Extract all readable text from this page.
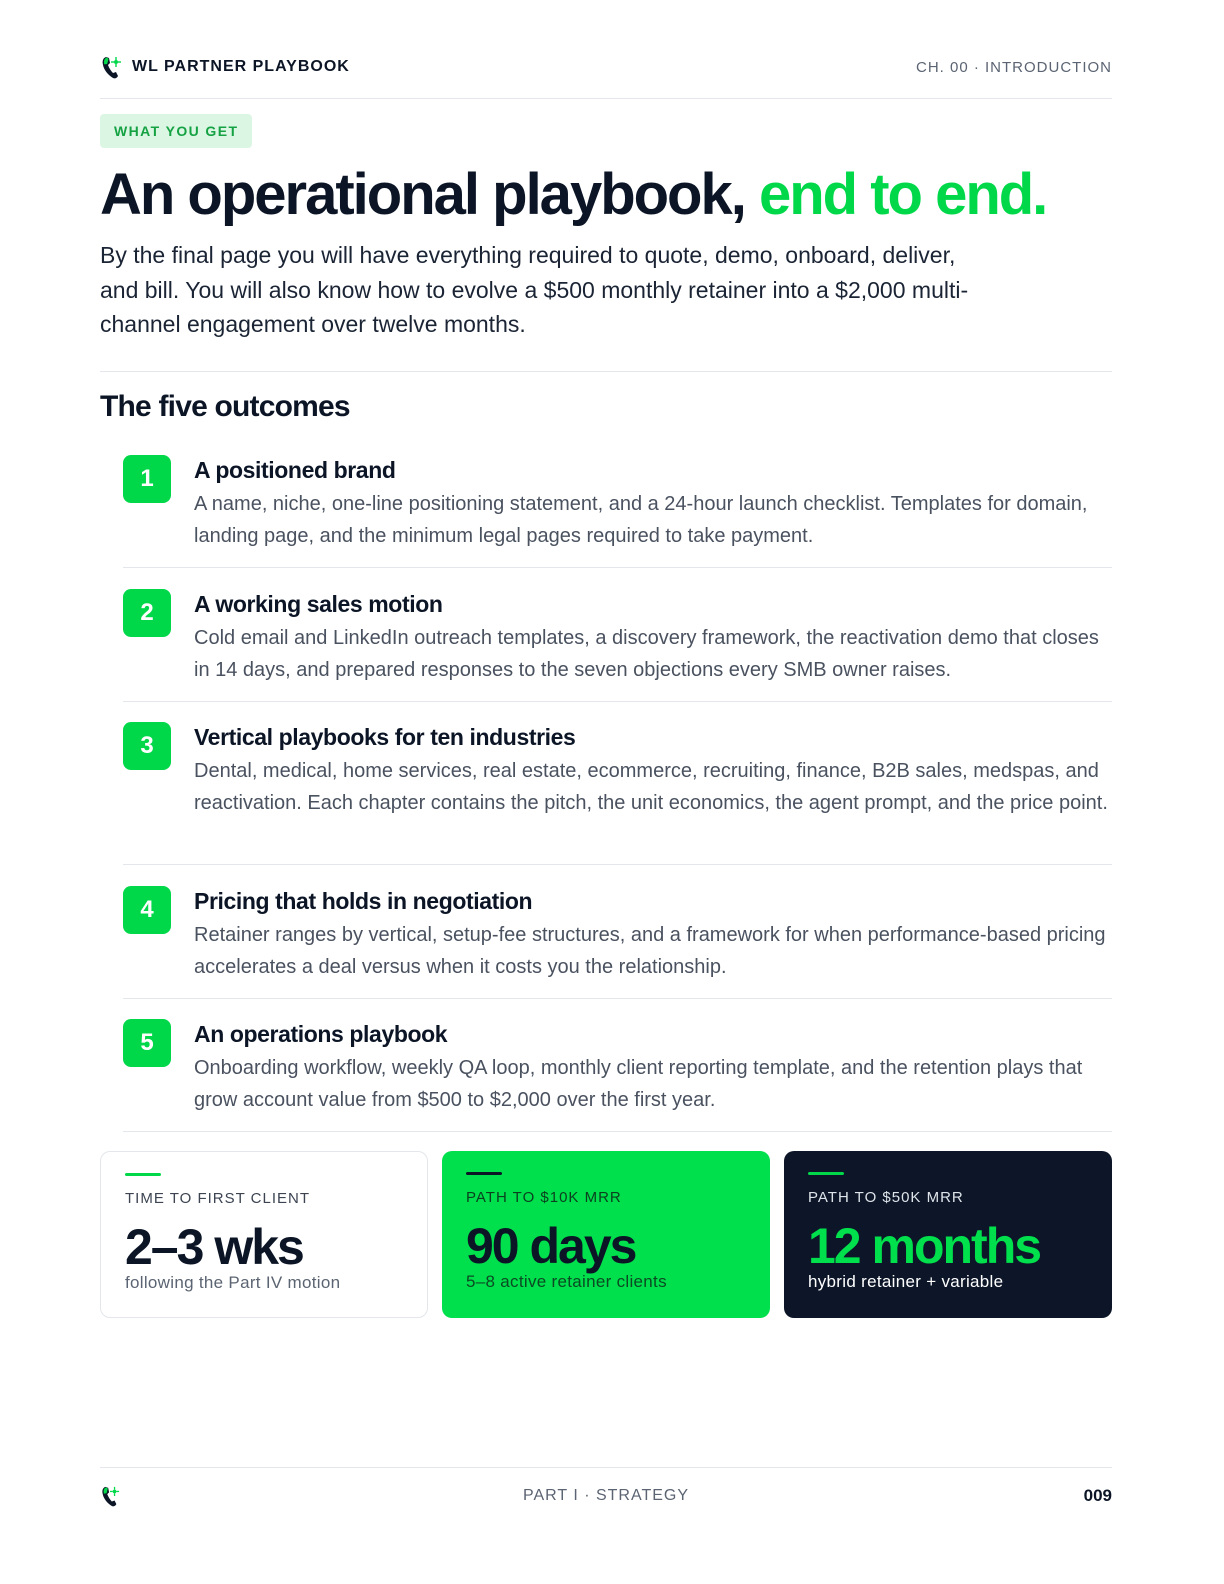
WL PARTNER PLAYBOOK	CH. 00 · INTRODUCTION
WHAT YOU GET
An operational playbook, end to end.

By the final page you will have everything required to quote, demo, onboard, deliver, and bill. You will also know how to evolve a $500 monthly retainer into a $2,000 multi-channel engagement over twelve months.

The five outcomes
1	A positioned brand
A name, niche, one-line positioning statement, and a 24-hour launch checklist. Templates for domain, landing page, and the minimum legal pages required to take payment.
2	A working sales motion
Cold email and LinkedIn outreach templates, a discovery framework, the reactivation demo that closes in 14 days, and prepared responses to the seven objections every SMB owner raises.
3	Vertical playbooks for ten industries
Dental, medical, home services, real estate, ecommerce, recruiting, finance, B2B sales, medspas, and reactivation. Each chapter contains the pitch, the unit economics, the agent prompt, and the price point.
4	Pricing that holds in negotiation
Retainer ranges by vertical, setup-fee structures, and a framework for when performance-based pricing accelerates a deal versus when it costs you the relationship.
5	An operations playbook
Onboarding workflow, weekly QA loop, monthly client reporting template, and the retention plays that grow account value from $500 to $2,000 over the first year.
TIME TO FIRST CLIENT
2–3 wks
following the Part IV motion
PATH TO $10K MRR
90 days
5–8 active retainer clients
PATH TO $50K MRR
12 months
hybrid retainer + variable
PART I · STRATEGY	009
